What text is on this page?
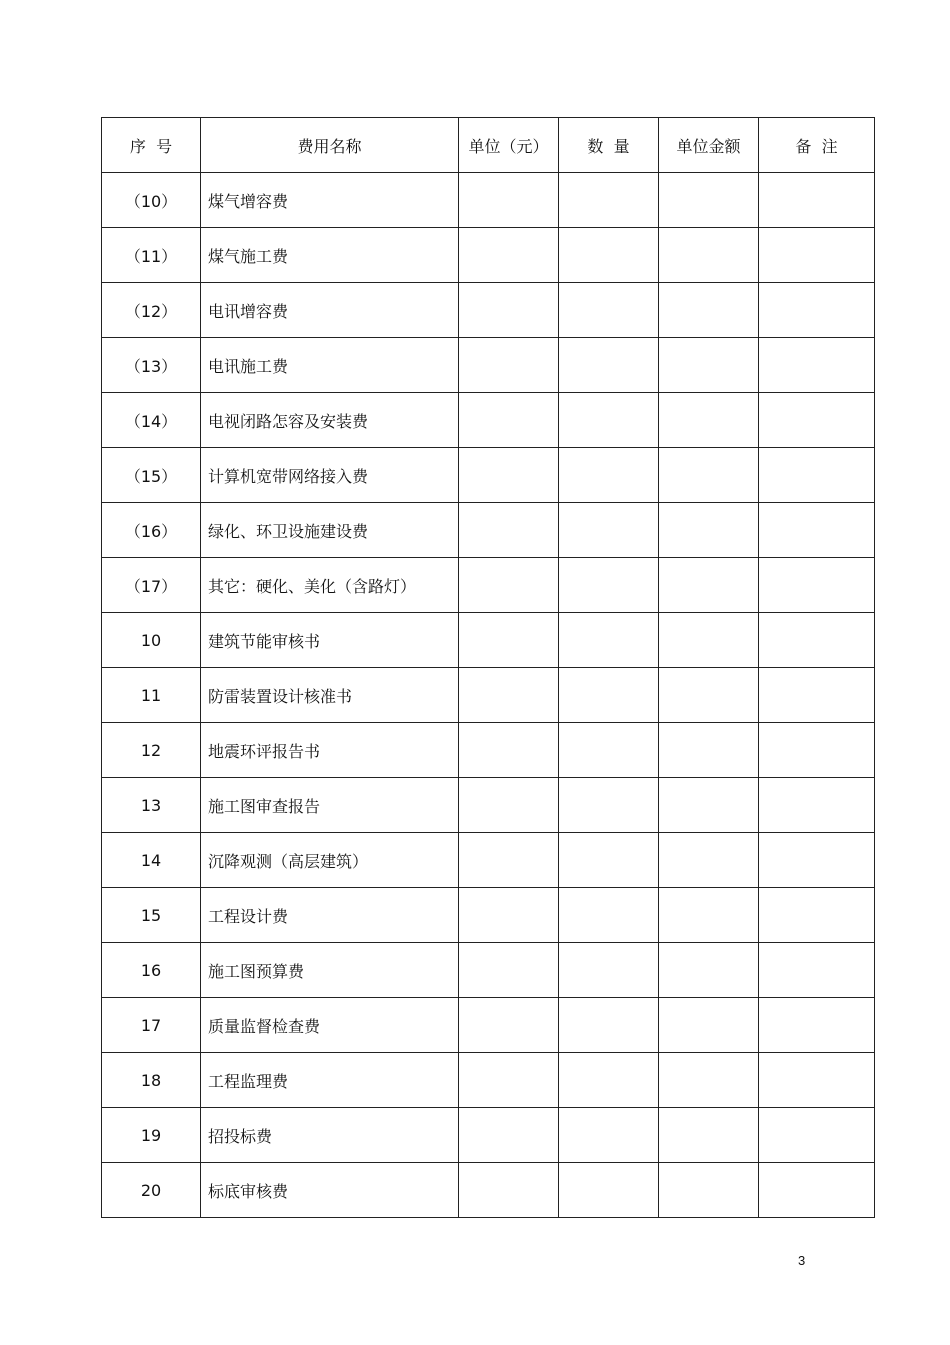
序  号	费用名称	单位（元）	数  量	单位金额	备  注
（10）	煤气增容费				
（11）	煤气施工费				
（12）	电讯增容费				
（13）	电讯施工费				
（14）	电视闭路怎容及安装费				
（15）	计算机宽带网络接入费				
（16）	绿化、环卫设施建设费				
（17）	其它：硬化、美化（含路灯）				
10	建筑节能审核书				
11	防雷装置设计核准书				
12	地震环评报告书				
13	施工图审查报告				
14	沉降观测（高层建筑）				
15	工程设计费				
16	施工图预算费				
17	质量监督检查费				
18	工程监理费				
19	招投标费				
20	标底审核费				
3
